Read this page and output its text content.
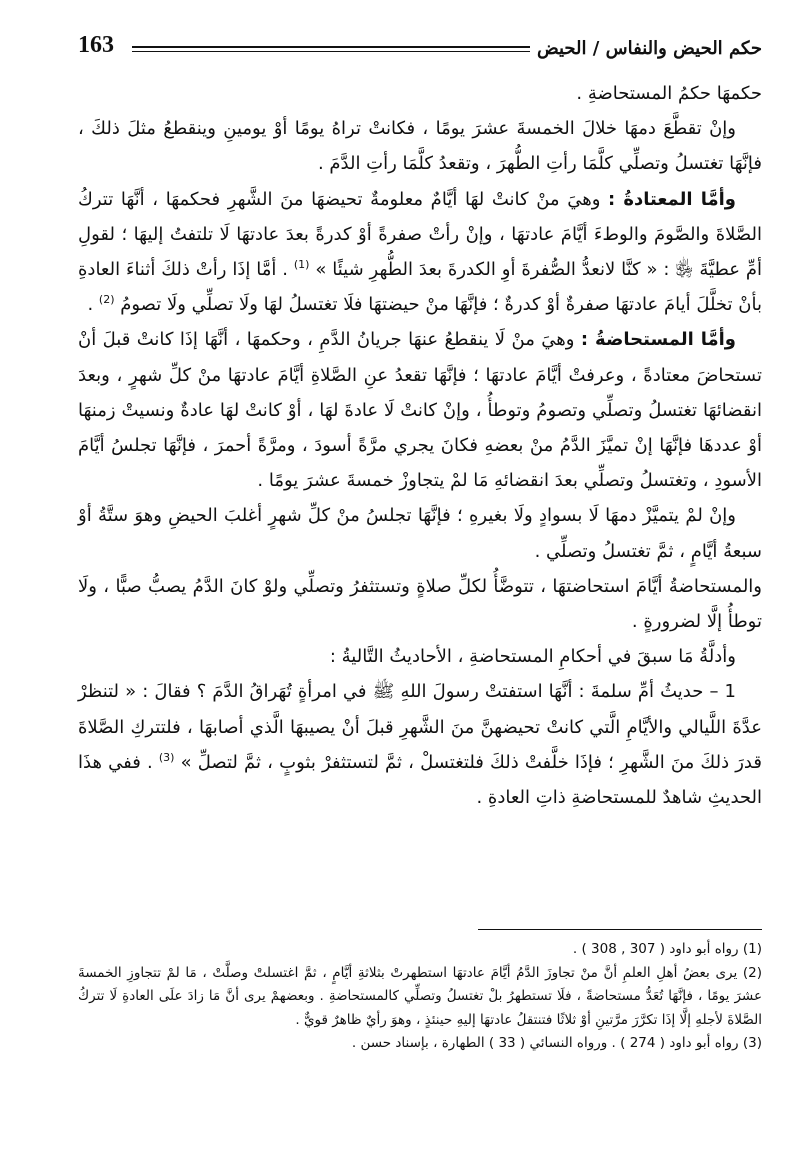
163	حكم الحيض والنفاس / الحيض

حكمهَا حكمُ المستحاضةِ .

وإنْ تقطَّعَ دمهَا خلالَ الخمسةَ عشرَ يومًا ، فكانتْ تراهُ يومًا أوْ يومينِ وينقطعُ مثلَ ذلكَ ، فإنَّهَا تغتسلُ وتصلِّي كلَّمَا رأتِ الطُّهرَ ، وتقعدُ كلَّمَا رأتِ الدَّمَ .

وأمَّا المعتادةُ : وهيَ منْ كانتْ لهَا أيَّامٌ معلومةٌ تحيضهَا منَ الشَّهرِ فحكمهَا ، أنَّهَا تتركُ الصَّلاةَ والصَّومَ والوطءَ أيَّامَ عادتهَا ، وإنْ رأتْ صفرةً أوْ كدرةً بعدَ عادتهَا لَا تلتفتُ إليهَا ؛ لقولِ أمِّ عطيَّةَ ﵂ : « كنَّا لانعدُّ الصُّفرةَ أوِ الكدرةَ بعدَ الطُّهرِ شيئًا » $^{(1)}$ . أمَّا إذَا رأتْ ذلكَ أثناءَ العادةِ بأنْ تخلَّلَ أيامَ عادتهَا صفرةٌ أوْ كدرةٌ ؛ فإنَّهَا منْ حيضتهَا فلَا تغتسلُ لهَا ولَا تصلِّي ولَا تصومُ $^{(2)}$ .

وأمَّا المستحاضةُ : وهيَ منْ لَا ينقطعُ عنهَا جريانُ الدَّمِ ، وحكمهَا ، أنَّهَا إذَا كانتْ قبلَ أنْ تستحاضَ معتادةً ، وعرفتْ أيَّامَ عادتهَا ؛ فإنَّهَا تقعدُ عنِ الصَّلاةِ أيَّامَ عادتهَا منْ كلِّ شهرٍ ، وبعدَ انقضائهَا تغتسلُ وتصلِّي وتصومُ وتوطأُ ، وإنْ كانتْ لَا عادةَ لهَا ، أوْ كانتْ لهَا عادةٌ ونسيتْ زمنهَا أوْ عددهَا فإنَّهَا إنْ تميَّزَ الدَّمُ منْ بعضهِ فكانَ يجري مرَّةً أسودَ ، ومرَّةً أحمرَ ، فإنَّهَا تجلسُ أيَّامَ الأسودِ ، وتغتسلُ وتصلِّي بعدَ انقضائهِ مَا لمْ يتجاوزْ خمسةَ عشرَ يومًا .

وإنْ لمْ يتميَّزْ دمهَا لَا بسوادٍ ولَا بغيرهِ ؛ فإنَّهَا تجلسُ منْ كلِّ شهرٍ أغلبَ الحيضِ وهوَ ستَّةُ أوْ سبعةُ أيَّامٍ ، ثمَّ تغتسلُ وتصلِّي .

والمستحاضةُ أيَّامَ استحاضتهَا ، تتوضَّأُ لكلِّ صلاةٍ وتستثفرُ وتصلِّي ولوْ كانَ الدَّمُ يصبُّ صبًّا ، ولَا توطأُ إلَّا لضرورةٍ .

وأدلَّةُ مَا سبقَ في أحكامِ المستحاضةِ ، الأحاديثُ التَّاليةُ :

1 – حديثُ أمِّ سلمةَ : أنَّهَا استفتتْ رسولَ اللهِ ﷺ في امرأةٍ تُهَراقُ الدَّمَ ؟ فقالَ : « لتنظرْ عدَّةَ اللَّيالي والأيَّامِ الَّتي كانتْ تحيضهنَّ منَ الشَّهرِ قبلَ أنْ يصيبهَا الَّذي أصابهَا ، فلتتركِ الصَّلاةَ قدرَ ذلكَ منَ الشَّهرِ ؛ فإذَا خلَّفتْ ذلكَ فلتغتسلْ ، ثمَّ لتستثفرْ بثوبٍ ، ثمَّ لتصلِّ » $^{(3)}$ . ففي هذَا الحديثِ شاهدٌ للمستحاضةِ ذاتِ العادةِ .

(1) رواه أبو داود ( 307 , 308 ) .

(2) يرى بعضُ أهلِ العلمِ أنَّ منْ تجاوزَ الدَّمُ أيَّامَ عادتهَا استطهرتْ بثلاثةِ أيَّامٍ ، ثمَّ اغتسلتْ وصلَّتْ ، مَا لمْ تتجاوزِ الخمسةَ عشرَ يومًا ، فإنَّهَا تُعَدُّ مستحاضةً ، فلَا تستطهرُ بلْ تغتسلُ وتصلِّي كالمستحاضةِ . وبعضهمْ يرى أنَّ مَا زادَ علَى العادةِ لَا تتركُ الصَّلاةَ لأجلهِ إلَّا إذَا تكرَّرَ مرَّتينِ أوْ ثلاثًا فتنتقلُ عادتهَا إليهِ حينئذٍ ، وهوَ رأيٌ ظاهرٌ قويٌّ .

(3) رواه أبو داود ( 274 ) . ورواه النسائي ( 33 ) الطهارة ، بإسناد حسن .
